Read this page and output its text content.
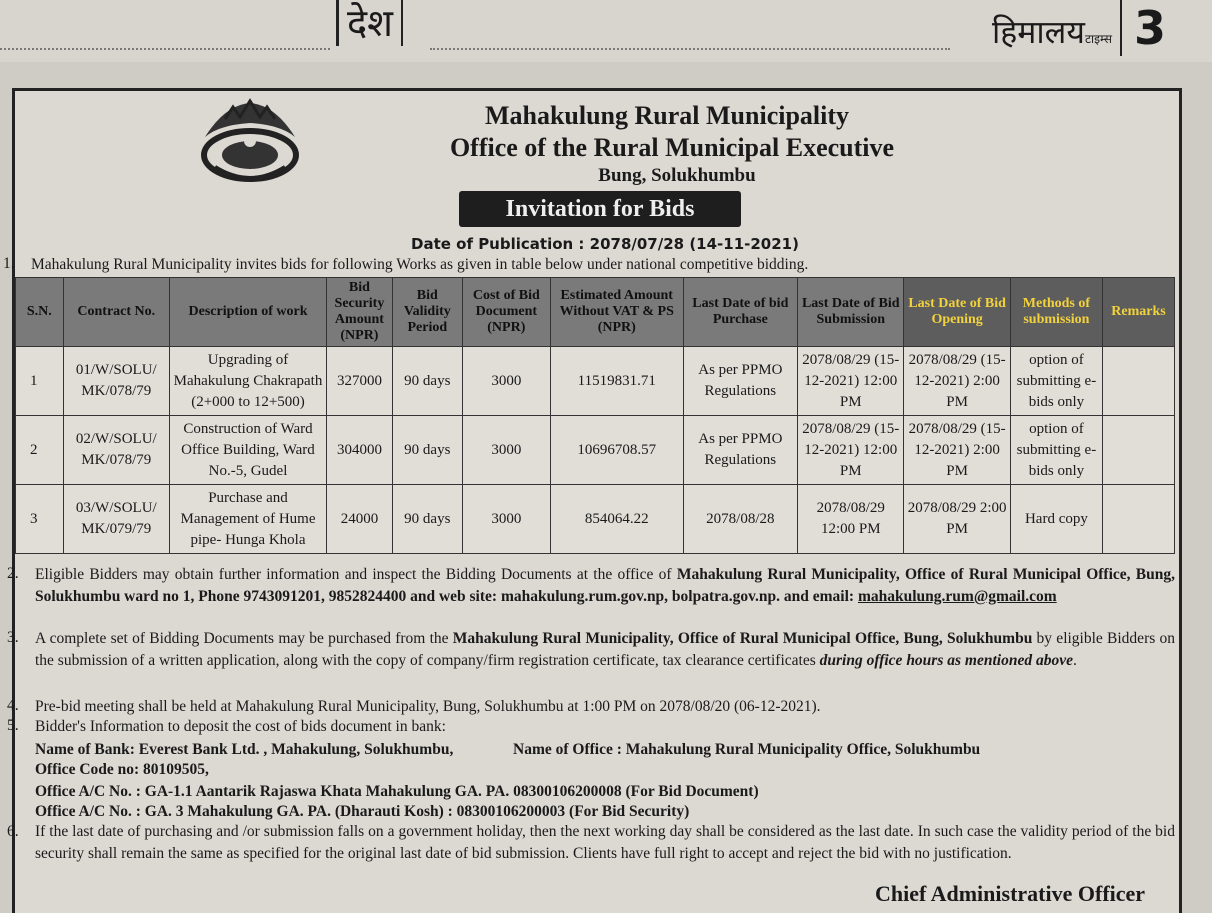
देश	हिमालयटाइम्स 3
Mahakulung Rural Municipality
Office of the Rural Municipal Executive
Bung, Solukhumbu
Invitation for Bids
Date of Publication : 2078/07/28 (14-11-2021)
1. Mahakulung Rural Municipality invites bids for following Works as given in table below under national competitive bidding.
S.N.	Contract No.	Description of work	Bid Security Amount (NPR)	Bid Validity Period	Cost of Bid Document (NPR)	Estimated Amount Without VAT & PS (NPR)	Last Date of bid Purchase	Last Date of Bid Submission	Last Date of Bid Opening	Methods of submission	Remarks
1	01/W/SOLU/ MK/078/79	Upgrading of Mahakulung Chakrapath (2+000 to 12+500)	327000	90 days	3000	11519831.71	As per PPMO Regulations	2078/08/29 (15-12-2021) 12:00 PM	2078/08/29 (15-12-2021) 2:00 PM	option of submitting e-bids only	
2	02/W/SOLU/ MK/078/79	Construction of Ward Office Building, Ward No.-5, Gudel	304000	90 days	3000	10696708.57	As per PPMO Regulations	2078/08/29 (15-12-2021) 12:00 PM	2078/08/29 (15-12-2021) 2:00 PM	option of submitting e-bids only	
3	03/W/SOLU/ MK/079/79	Purchase and Management of Hume pipe- Hunga Khola	24000	90 days	3000	854064.22	2078/08/28	2078/08/29 12:00 PM	2078/08/29 2:00 PM	Hard copy	
2. Eligible Bidders may obtain further information and inspect the Bidding Documents at the office of Mahakulung Rural Municipality, Office of Rural Municipal Office, Bung, Solukhumbu ward no 1, Phone 9743091201, 9852824400 and web site: mahakulung.rum.gov.np, bolpatra.gov.np. and email: mahakulung.rum@gmail.com
3. A complete set of Bidding Documents may be purchased from the Mahakulung Rural Municipality, Office of Rural Municipal Office, Bung, Solukhumbu by eligible Bidders on the submission of a written application, along with the copy of company/firm registration certificate, tax clearance certificates during office hours as mentioned above.
4. Pre-bid meeting shall be held at Mahakulung Rural Municipality, Bung, Solukhumbu at 1:00 PM on 2078/08/20 (06-12-2021).
5. Bidder's Information to deposit the cost of bids document in bank:
Name of Bank: Everest Bank Ltd. , Mahakulung, Solukhumbu,	Name of Office : Mahakulung Rural Municipality Office, Solukhumbu
Office Code no: 80109505,
Office A/C No. : GA-1.1 Aantarik Rajaswa Khata Mahakulung GA. PA. 08300106200008 (For Bid Document)
Office A/C No. : GA. 3 Mahakulung GA. PA. (Dharauti Kosh) : 08300106200003 (For Bid Security)
6. If the last date of purchasing and /or submission falls on a government holiday, then the next working day shall be considered as the last date. In such case the validity period of the bid security shall remain the same as specified for the original last date of bid submission. Clients have full right to accept and reject the bid with no justification.
Chief Administrative Officer
